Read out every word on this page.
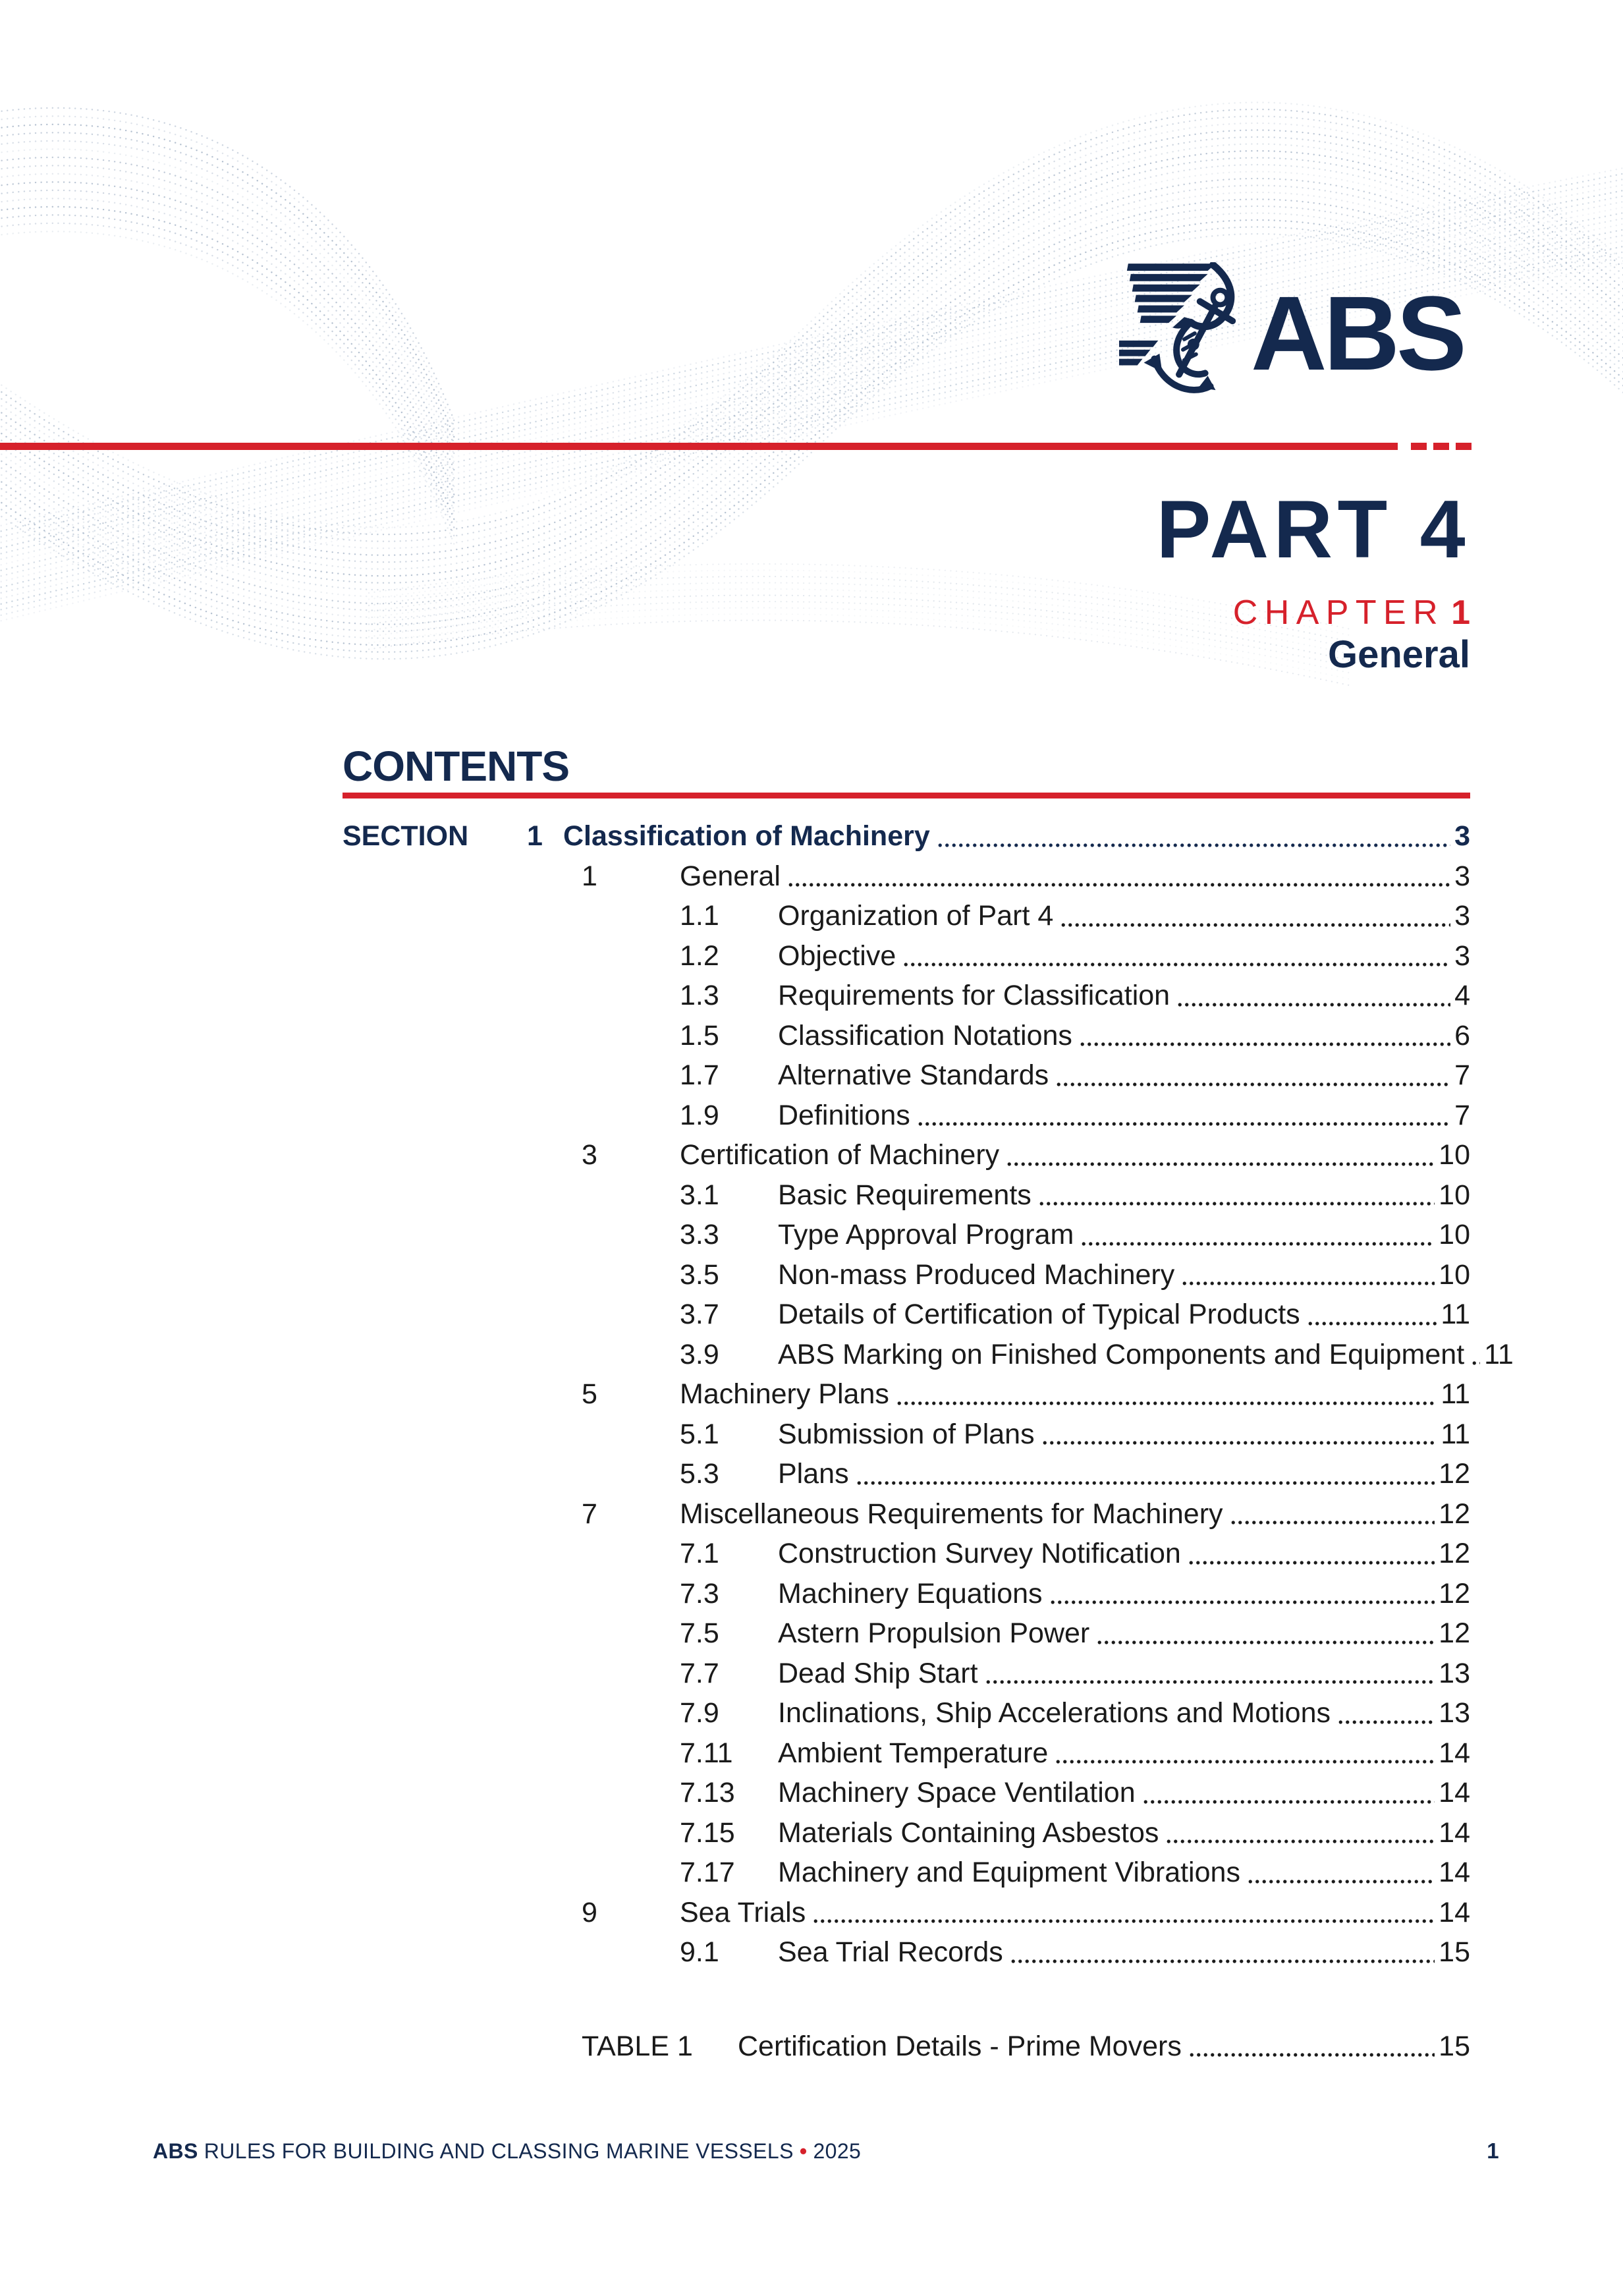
ABS
PART 4
CHAPTER 1
General
CONTENTS
SECTION	1 Classification of Machinery	3
1	General	3
1.1	Organization of Part 4	3
1.2	Objective	3
1.3	Requirements for Classification	4
1.5	Classification Notations	6
1.7	Alternative Standards	7
1.9	Definitions	7
3	Certification of Machinery	10
3.1	Basic Requirements	10
3.3	Type Approval Program	10
3.5	Non-mass Produced Machinery	10
3.7	Details of Certification of Typical Products	11
3.9	ABS Marking on Finished Components and Equipment 11
5	Machinery Plans	11
5.1	Submission of Plans	11
5.3	Plans	12
7	Miscellaneous Requirements for Machinery	12
7.1	Construction Survey Notification	12
7.3	Machinery Equations	12
7.5	Astern Propulsion Power	12
7.7	Dead Ship Start	13
7.9	Inclinations, Ship Accelerations and Motions	13
7.11	Ambient Temperature	14
7.13	Machinery Space Ventilation	14
7.15	Materials Containing Asbestos	14
7.17	Machinery and Equipment Vibrations	14
9	Sea Trials	14
9.1	Sea Trial Records	15
TABLE 1	Certification Details - Prime Movers	15
ABS RULES FOR BUILDING AND CLASSING MARINE VESSELS • 2025	1
